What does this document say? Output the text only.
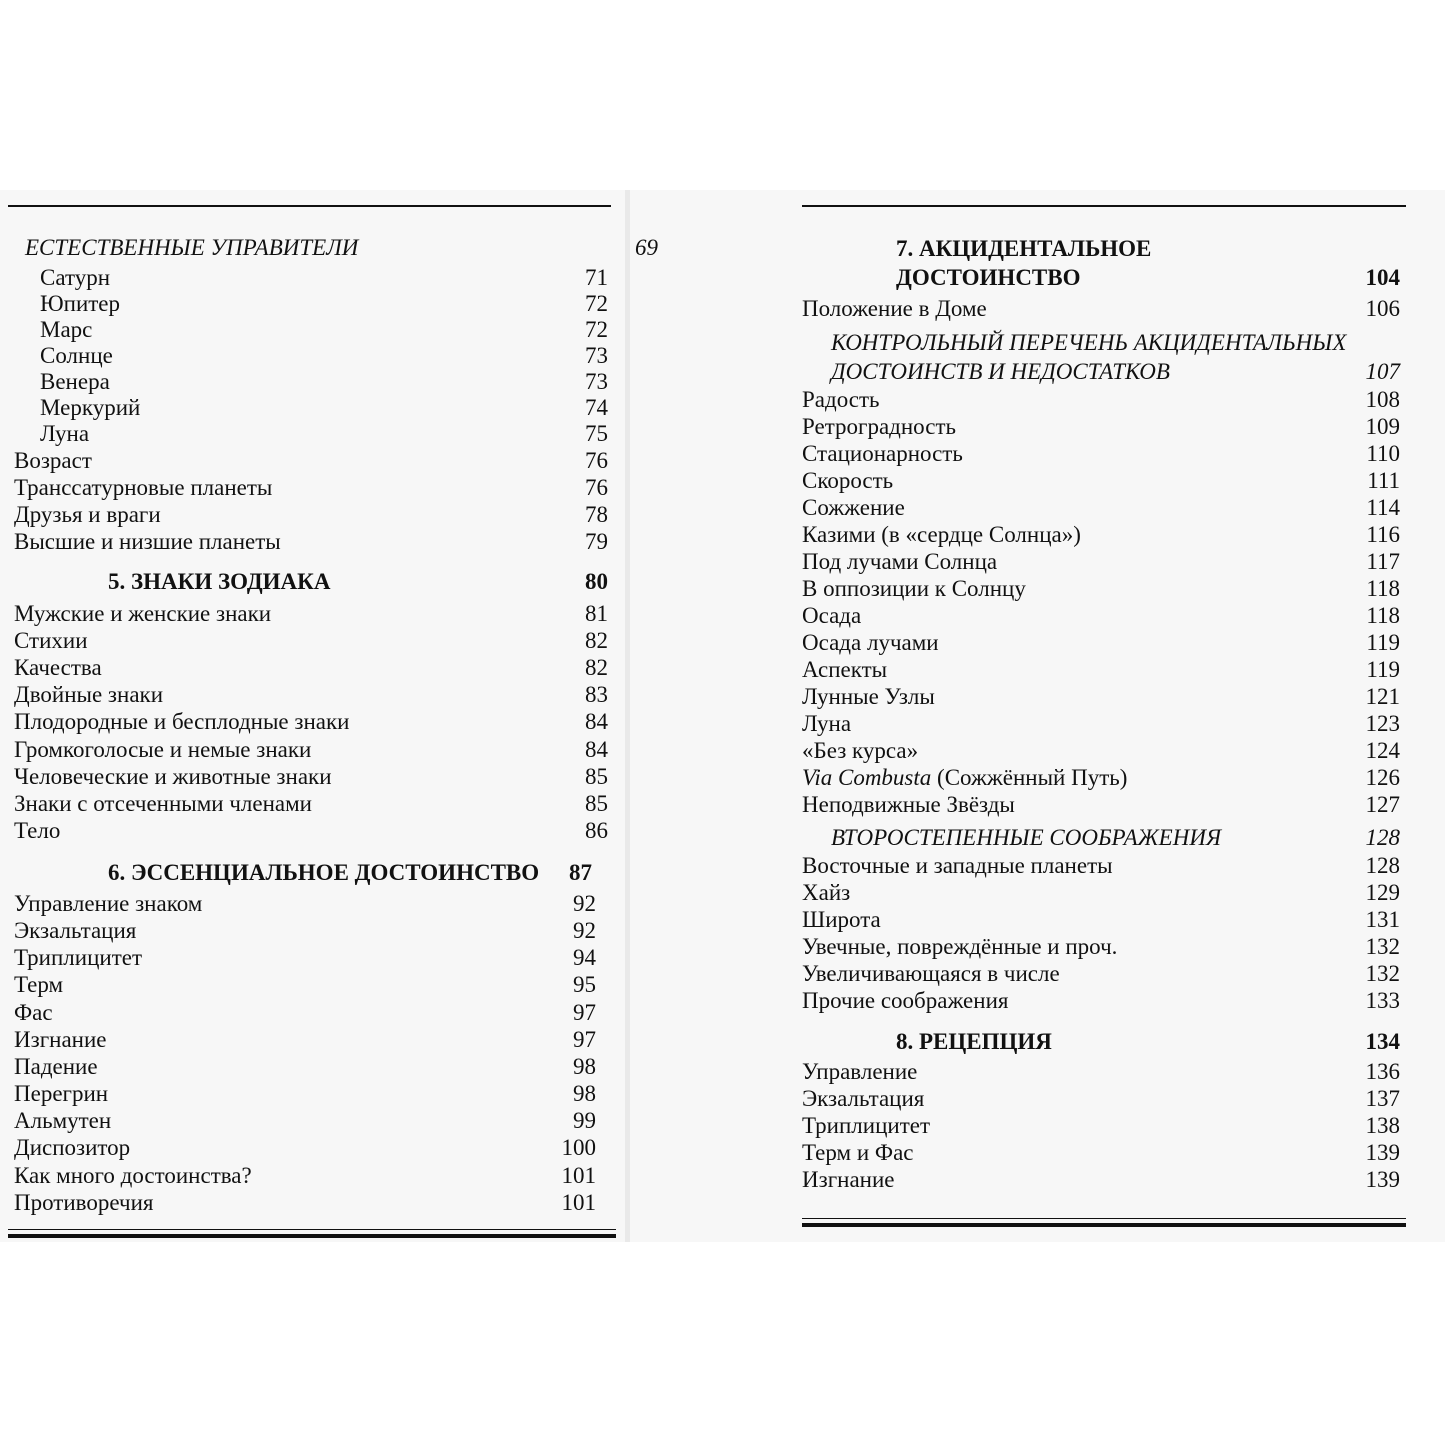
ЕСТЕСТВЕННЫЕ УПРАВИТЕЛИ	69
Сатурн	71
Юпитер	72
Марс	72
Солнце	73
Венера	73
Меркурий	74
Луна	75
Возраст	76
Транссатурновые планеты	76
Друзья и враги	78
Высшие и низшие планеты	79
5. ЗНАКИ ЗОДИАКА	80
Мужские и женские знаки	81
Стихии	82
Качества	82
Двойные знаки	83
Плодородные и бесплодные знаки	84
Громкоголосые и немые знаки	84
Человеческие и животные знаки	85
Знаки с отсеченными членами	85
Тело	86
6. ЭССЕНЦИАЛЬНОЕ ДОСТОИНСТВО	87
Управление знаком	92
Экзальтация	92
Триплицитет	94
Терм	95
Фас	97
Изгнание	97
Падение	98
Перегрин	98
Альмутен	99
Диспозитор	100
Как много достоинства?	101
Противоречия	101
7. АКЦИДЕНТАЛЬНОЕ
ДОСТОИНСТВО	104
Положение в Доме	106
КОНТРОЛЬНЫЙ ПЕРЕЧЕНЬ АКЦИДЕНТАЛЬНЫХ
ДОСТОИНСТВ И НЕДОСТАТКОВ	107
Радость	108
Ретроградность	109
Стационарность	110
Скорость	111
Сожжение	114
Казими (в «сердце Солнца»)	116
Под лучами Солнца	117
В оппозиции к Солнцу	118
Осада	118
Осада лучами	119
Аспекты	119
Лунные Узлы	121
Луна	123
«Без курса»	124
Via Combusta (Сожжённый Путь)	126
Неподвижные Звёзды	127
ВТОРОСТЕПЕННЫЕ СООБРАЖЕНИЯ	128
Восточные и западные планеты	128
Хайз	129
Широта	131
Увечные, повреждённые и проч.	132
Увеличивающаяся в числе	132
Прочие соображения	133
8. РЕЦЕПЦИЯ	134
Управление	136
Экзальтация	137
Триплицитет	138
Терм и Фас	139
Изгнание	139
